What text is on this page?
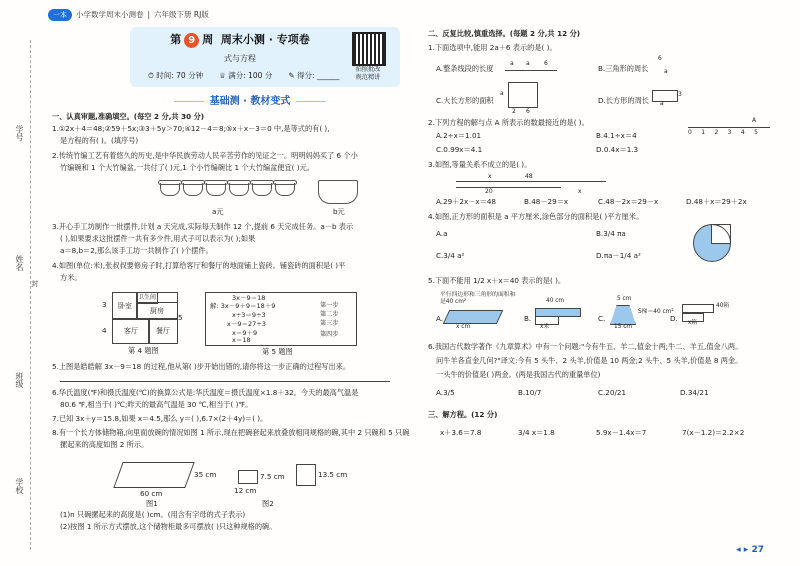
学号
姓名
封
班级
学校
一本	小学数学周末小测卷 | 六年级下册 RJ版
第 9 周 周末小测 · 专项卷
式与方程
⏱ 时间: 70 分钟 ♕ 满分: 100 分 ✎ 得分: ______
拍照批改
规范精讲
基础测 · 教材变式
一、认真审题,准确填空。(每空 2 分,共 30 分)
1.①2x＋4＝48;②59＋5x;③3＋5y＞70;④12－4＝8;⑤x＋x－3＝0 中,是等式的有( ),
是方程的有( )。(填序号)
2.传统竹编工艺有着悠久的历史,是中华民族劳动人民辛苦劳作的见证之一。明明妈妈买了 6 个小
竹编碗和 1 个大竹编盆,一共付了( )元,1 个小竹编碗比 1 个大竹编盆便宜( )元。
a元	b元
3.开心手工坊制作一批摆件,计划 a 天完成,实际每天制作 12 个,提前 6 天完成任务。a－b 表示
( ),如果要求这批摆件一共有多少件,用式子可以表示为( );如果
a＝8,b＝2,那么该手工坊一共制作了( )个摆件。
4.如图(单位:米),张叔叔要修房子时,打算给客厅和餐厅的地面铺上瓷砖。铺瓷砖的面积是( )平
方米。
卧室
卫生间
厨房
客厅	餐厅
3
4
5
第 4 题图
3x－9＝18
解: 3x－9＋9＝18＋9
x÷3＝9÷3
x－9＝27÷3
x＝9＋9
x＝18
第一步
第二步
第三步
第四步
第 5 题图
5.上图是皓皓解 3x－9＝18 的过程,他从第( )步开始出错的,请你将这一步正确的过程写出来。
6.华氏温度(℉)和摄氏温度(℃)的换算公式是:华氏温度＝摄氏温度×1.8＋32。今天的最高气温是
80.6 ℉,相当于( )℃;昨天的最高气温是 30 ℃,相当于( )℉。
7.已知 3x＋y＝15.8,如果 x＝4.5,那么 y＝( ),6.7×(2＋4y)＝( )。
8.有一个长方体储物箱,向里面放碗的情况如图 1 所示,现在把碗套起来放叠放相同规格的碗,其中 2 只碗和 5 只碗
摞起来的高度如图 2 所示。
60 cm
35 cm
图1
7.5 cm
12 cm
13.5 cm
图2
(1)n 只碗摞起来的高度是( )cm。(用含有字母的式子表示)
(2)按图 1 所示方式摆放,这个储物柜最多可摆放( )只这种规格的碗。
二、反复比较,慎重选择。(每题 2 分,共 12 分)
1.下面选项中,能用 2a＋6 表示的是( )。
A.整条线段的长度
a a 6
B.三角形的周长
6
a
C.大长方形的面积
a
2 6
D.长方形的周长 a
3
2.下列方程的解与点 A 所表示的数最接近的是( )。
A.2÷x＝1.01	B.4.1÷x＝4
C.0.99x＝4.1	D.0.4x＝1.3
012345
A
3.如图,等量关系不成立的是( )。
48
x
20	x
A.29＋2x－x＝48	B.48－29＝x	C.48－2x＝29－x	D.48＋x＝29＋2x
4.如图,正方形的面积是 a 平方厘米,涂色部分的面积是( )平方厘米。
A.a	B.3/4 πa
C.3/4 a²	D.πa－1/4 a²
5.下面不能用 1/2 x＋x＝40 表示的是( )。
平行四边形和三角形的面积和是40 cm²
A.
x cm
B.
40 cm
x米
C.
5 cm
S梯＝40 cm²
15 cm
D.
40箱
x箱
6.我国古代数学著作《九章算术》中有一个问题:"今有牛五、羊二,值金十两;牛二、羊五,值金八两。
问牛羊各直金几何?"译文:今有 5 头牛、2 头羊,价值是 10 两金;2 头牛、5 头羊,价值是 8 两金。
一头牛的价值是( )两金。(两是我国古代的重量单位)
A.3/5	B.10/7	C.20/21	D.34/21
三、解方程。(12 分)
x＋3.6＝7.8	3/4 x＝1.8	5.9x－1.4x＝7	7(x－1.2)＝2.2×2
◂ ▸ 27
